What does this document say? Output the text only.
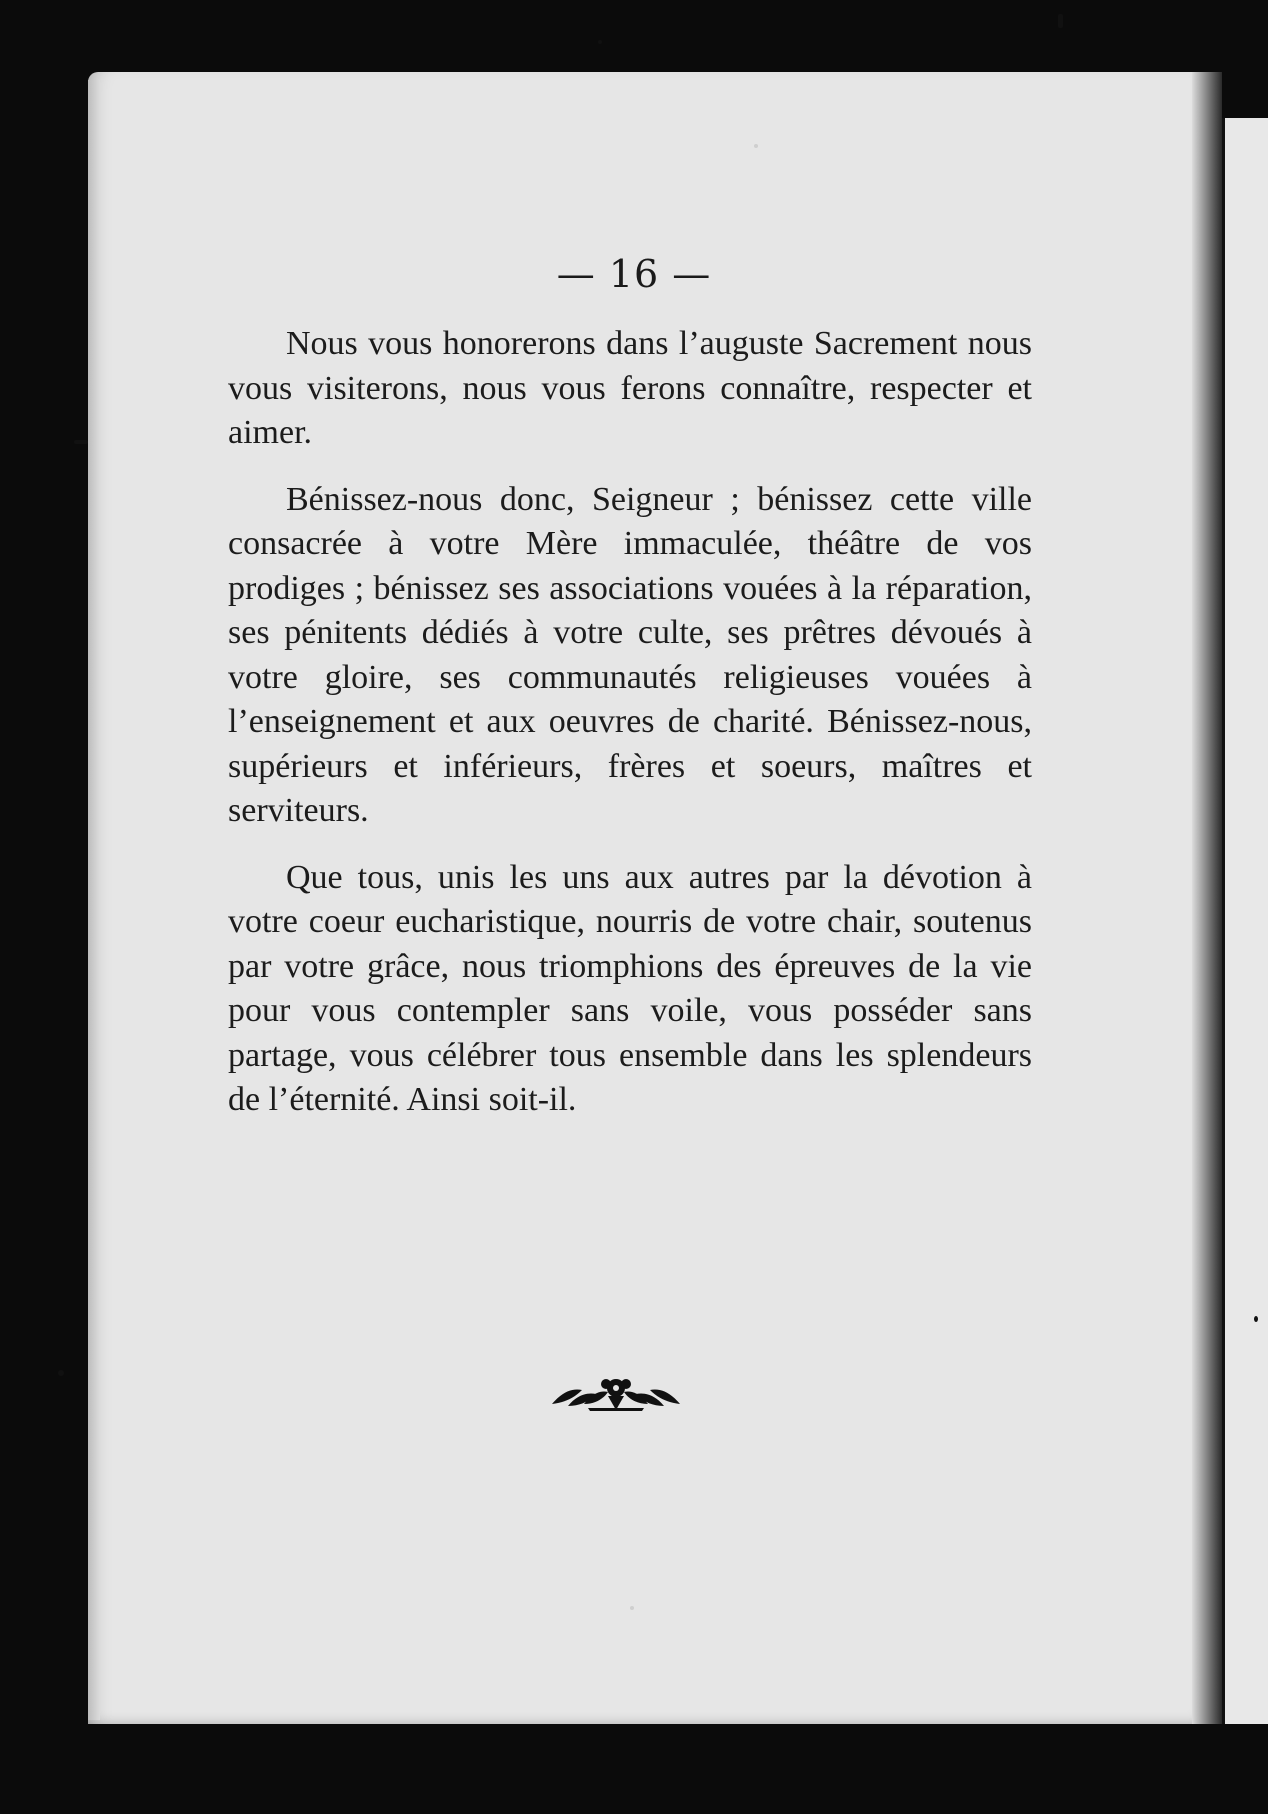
— 16 —

Nous vous honorerons dans l’auguste Sacrement nous vous visiterons, nous vous ferons connaître, respecter et aimer.

Bénissez-nous donc, Seigneur ; bénissez cette ville consacrée à votre Mère immaculée, théâtre de vos prodiges ; bénissez ses associations vouées à la réparation, ses pénitents dédiés à votre culte, ses prêtres dévoués à votre gloire, ses communautés religieuses vouées à l’enseignement et aux oeuvres de charité. Bénissez-nous, supérieurs et inférieurs, frères et soeurs, maîtres et serviteurs.

Que tous, unis les uns aux autres par la dévotion à votre coeur eucharistique, nourris de votre chair, soutenus par votre grâce, nous triomphions des épreuves de la vie pour vous contempler sans voile, vous posséder sans partage, vous célébrer tous ensemble dans les splendeurs de l’éternité. Ainsi soit-il.
